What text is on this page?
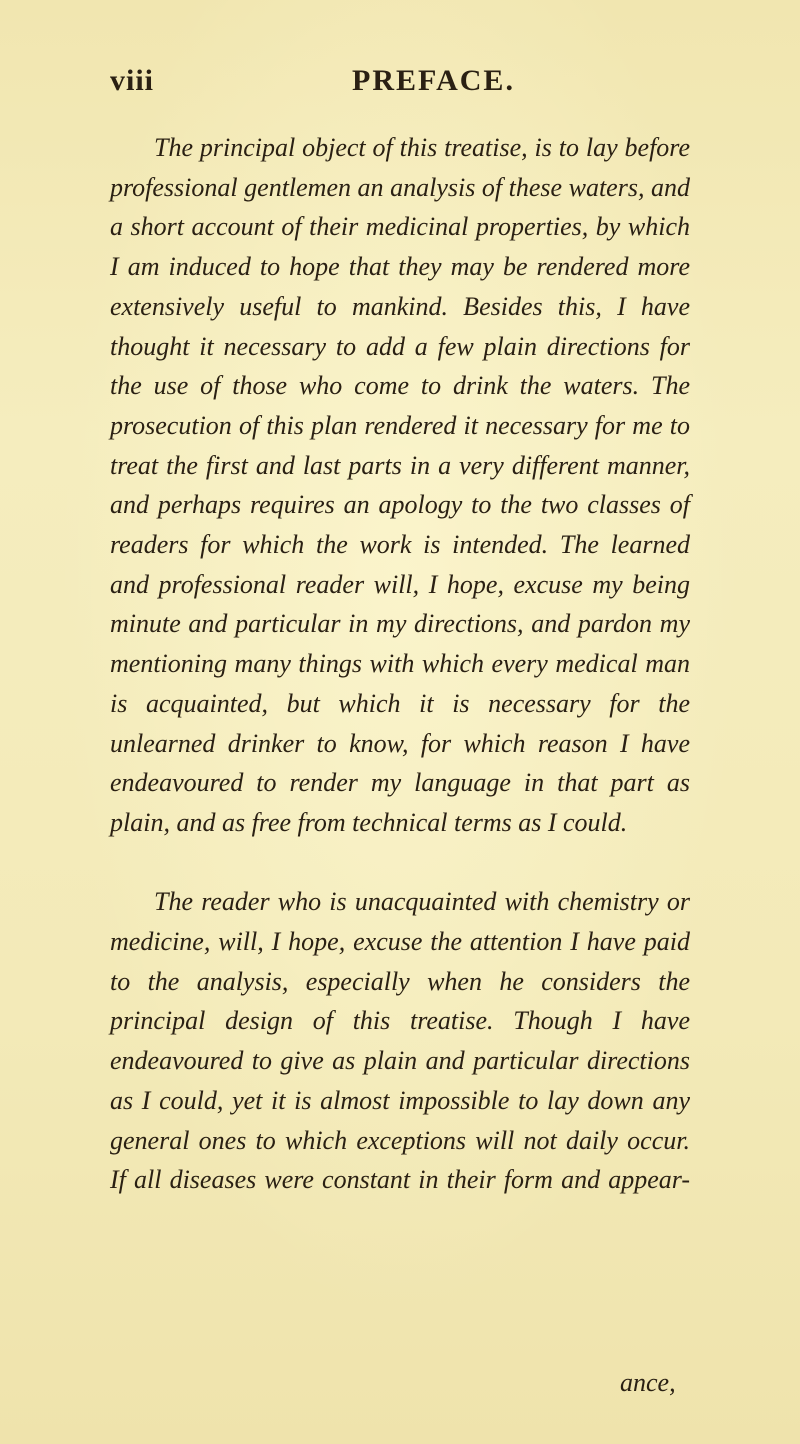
viii	PREFACE.

The principal object of this treatise, is to lay before professional gentlemen an analysis of these waters, and a short account of their medicinal properties, by which I am induced to hope that they may be rendered more extensively useful to mankind. Besides this, I have thought it necessary to add a few plain directions for the use of those who come to drink the waters. The prosecution of this plan rendered it necessary for me to treat the first and last parts in a very different manner, and perhaps requires an apology to the two classes of readers for which the work is intended. The learned and professional reader will, I hope, excuse my being minute and particular in my directions, and pardon my mentioning many things with which every medical man is acquainted, but which it is necessary for the unlearned drinker to know, for which reason I have endeavoured to render my language in that part as plain, and as free from technical terms as I could.

The reader who is unacquainted with chemistry or medicine, will, I hope, excuse the attention I have paid to the analysis, especially when he considers the principal design of this treatise. Though I have endeavoured to give as plain and particular directions as I could, yet it is almost impossible to lay down any general ones to which exceptions will not daily occur. If all diseases were constant in their form and appear-

ance,
